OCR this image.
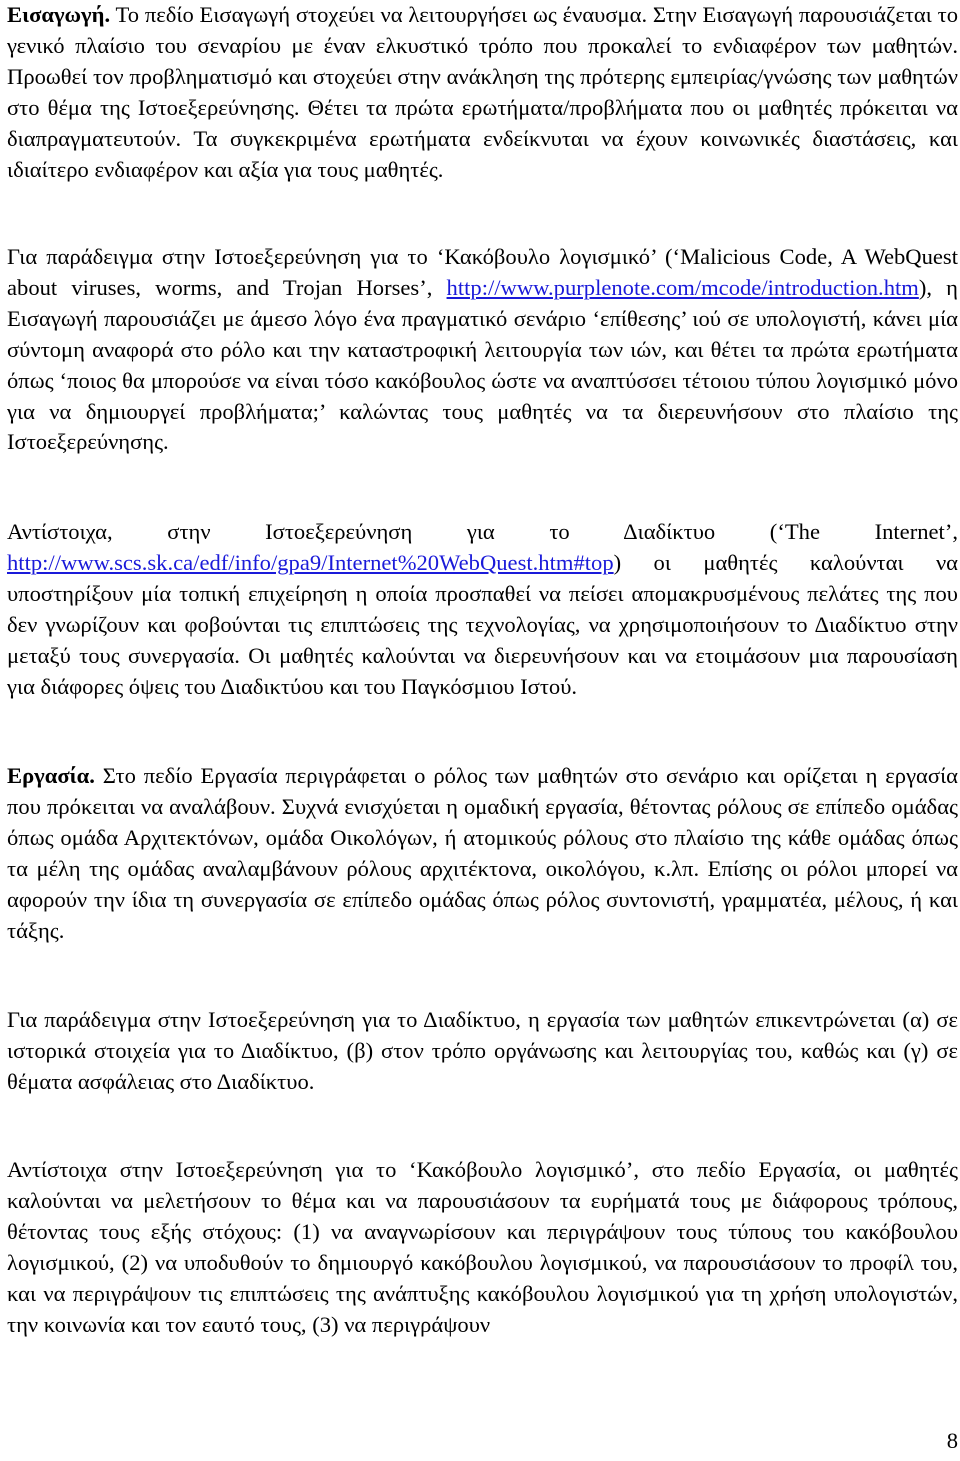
Εισαγωγή. Το πεδίο Εισαγωγή στοχεύει να λειτουργήσει ως έναυσμα. Στην Εισαγωγή παρουσιάζεται το γενικό πλαίσιο του σεναρίου με έναν ελκυστικό τρόπο που προκαλεί το ενδιαφέρον των μαθητών. Προωθεί τον προβληματισμό και στοχεύει στην ανάκληση της πρότερης εμπειρίας/γνώσης των μαθητών στο θέμα της Ιστοεξερεύνησης. Θέτει τα πρώτα ερωτήματα/προβλήματα που οι μαθητές πρόκειται να διαπραγματευτούν. Τα συγκεκριμένα ερωτήματα ενδείκνυται να έχουν κοινωνικές διαστάσεις, και ιδιαίτερο ενδιαφέρον και αξία για τους μαθητές.

Για παράδειγμα στην Ιστοεξερεύνηση για το ‘Κακόβουλο λογισμικό’ (‘Malicious Code, A WebQuest about viruses, worms, and Trojan Horses’, http://www.purplenote.com/mcode/introduction.htm), η Εισαγωγή παρουσιάζει με άμεσο λόγο ένα πραγματικό σενάριο ‘επίθεσης’ ιού σε υπολογιστή, κάνει μία σύντομη αναφορά στο ρόλο και την καταστροφική λειτουργία των ιών, και θέτει τα πρώτα ερωτήματα όπως ‘ποιος θα μπορούσε να είναι τόσο κακόβουλος ώστε να αναπτύσσει τέτοιου τύπου λογισμικό μόνο για να δημιουργεί προβλήματα;’ καλώντας τους μαθητές να τα διερευνήσουν στο πλαίσιο της Ιστοεξερεύνησης.

Αντίστοιχα, στην Ιστοεξερεύνηση για το Διαδίκτυο (‘The Internet’, http://www.scs.sk.ca/edf/info/gpa9/Internet%20WebQuest.htm#top) οι μαθητές καλούνται να υποστηρίξουν μία τοπική επιχείρηση η οποία προσπαθεί να πείσει απομακρυσμένους πελάτες της που δεν γνωρίζουν και φοβούνται τις επιπτώσεις της τεχνολογίας, να χρησιμοποιήσουν το Διαδίκτυο στην μεταξύ τους συνεργασία. Οι μαθητές καλούνται να διερευνήσουν και να ετοιμάσουν μια παρουσίαση για διάφορες όψεις του Διαδικτύου και του Παγκόσμιου Ιστού.

Εργασία. Στο πεδίο Εργασία περιγράφεται ο ρόλος των μαθητών στο σενάριο και ορίζεται η εργασία που πρόκειται να αναλάβουν. Συχνά ενισχύεται η ομαδική εργασία, θέτοντας ρόλους σε επίπεδο ομάδας όπως ομάδα Αρχιτεκτόνων, ομάδα Οικολόγων, ή ατομικούς ρόλους στο πλαίσιο της κάθε ομάδας όπως τα μέλη της ομάδας αναλαμβάνουν ρόλους αρχιτέκτονα, οικολόγου, κ.λπ. Επίσης οι ρόλοι μπορεί να αφορούν την ίδια τη συνεργασία σε επίπεδο ομάδας όπως ρόλος συντονιστή, γραμματέα, μέλους, ή και τάξης.

Για παράδειγμα στην Ιστοεξερεύνηση για το Διαδίκτυο, η εργασία των μαθητών επικεντρώνεται (α) σε ιστορικά στοιχεία για το Διαδίκτυο, (β) στον τρόπο οργάνωσης και λειτουργίας του, καθώς και (γ) σε θέματα ασφάλειας στο Διαδίκτυο.

Αντίστοιχα στην Ιστοεξερεύνηση για το ‘Κακόβουλο λογισμικό’, στο πεδίο Εργασία, οι μαθητές καλούνται να μελετήσουν το θέμα και να παρουσιάσουν τα ευρήματά τους με διάφορους τρόπους, θέτοντας τους εξής στόχους: (1) να αναγνωρίσουν και περιγράψουν τους τύπους του κακόβουλου λογισμικού, (2) να υποδυθούν το δημιουργό κακόβουλου λογισμικού, να παρουσιάσουν το προφίλ του, και να περιγράψουν τις επιπτώσεις της ανάπτυξης κακόβουλου λογισμικού για τη χρήση υπολογιστών, την κοινωνία και τον εαυτό τους, (3) να περιγράψουν

8
